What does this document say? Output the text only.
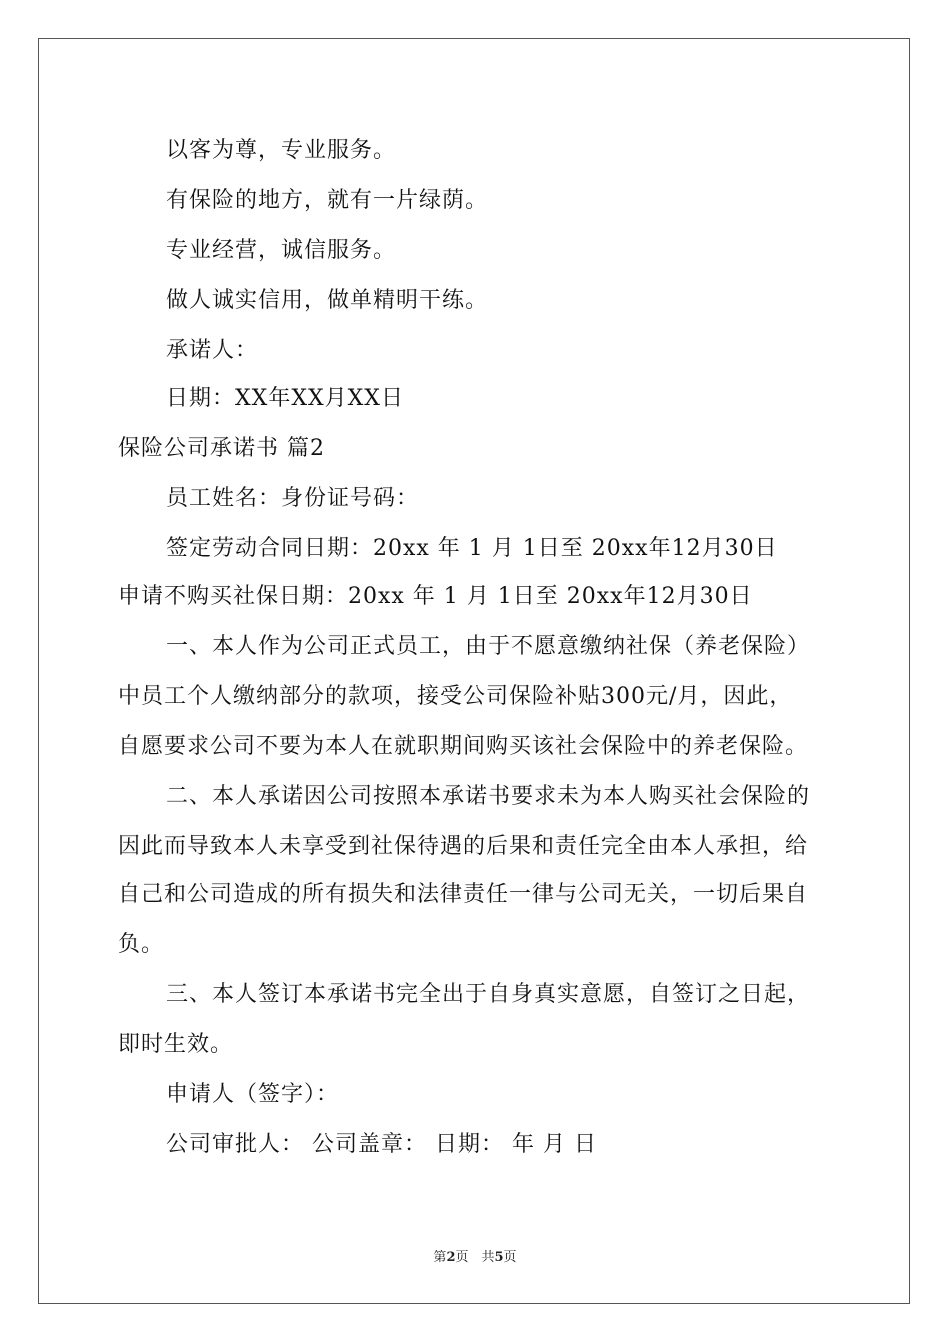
以客为尊，专业服务。
有保险的地方，就有一片绿荫。
专业经营，诚信服务。
做人诚实信用，做单精明干练。
承诺人：
日期：XX年XX月XX日
保险公司承诺书 篇2
员工姓名：身份证号码：
签定劳动合同日期：20xx 年 1 月 1日至 20xx年12月30日
申请不购买社保日期：20xx 年 1 月 1日至 20xx年12月30日
一、本人作为公司正式员工，由于不愿意缴纳社保（养老保险）
中员工个人缴纳部分的款项，接受公司保险补贴300元/月，因此，
自愿要求公司不要为本人在就职期间购买该社会保险中的养老保险。
二、本人承诺因公司按照本承诺书要求未为本人购买社会保险的
因此而导致本人未享受到社保待遇的后果和责任完全由本人承担，给
自己和公司造成的所有损失和法律责任一律与公司无关，一切后果自
负。
三、本人签订本承诺书完全出于自身真实意愿，自签订之日起，
即时生效。
申请人（签字）：
公司审批人： 公司盖章： 日期： 年 月 日
第2页　共5页
